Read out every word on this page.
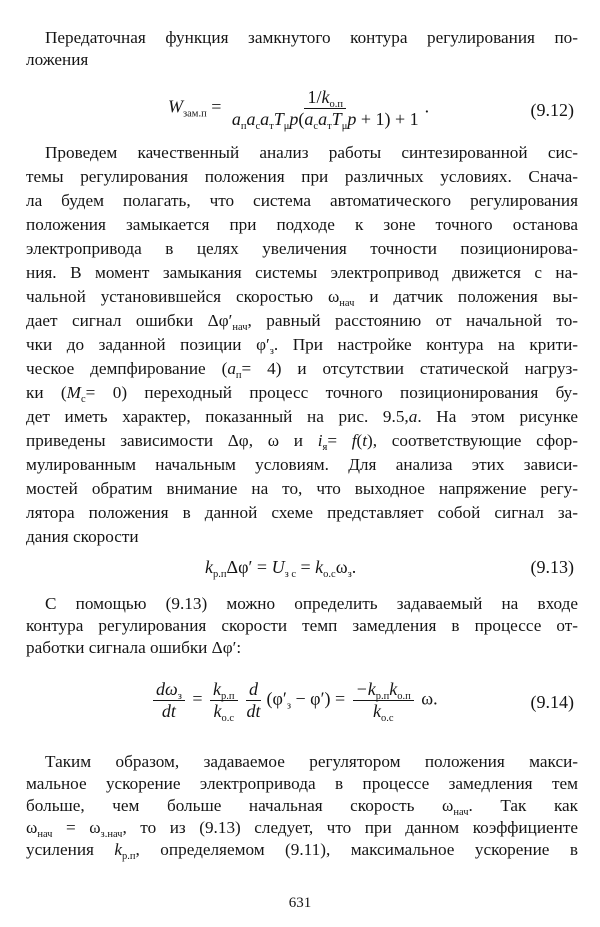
Передаточная функция замкнутого контура регулирования по-
ложения
$W_{зам.п} = \frac{1/k_{о.п}}{a_пa_сa_тT_\mu p(a_сa_тT_\mu p + 1) + 1}$ .	(9.12)
Проведем качественный анализ работы синтезированной сис-
темы регулирования положения при различных условиях. Снача-
ла будем полагать, что система автоматического регулирования
положения замыкается при подходе к зоне точного останова
электропривода в целях увеличения точности позиционирова-
ния. В момент замыкания системы электропривод движется с на-
чальной установившейся скоростью $\omega_{нач}$ и датчик положения вы-
дает сигнал ошибки $\Delta\varphi'_{нач}$, равный расстоянию от начальной то-
чки до заданной позиции $\varphi'_з$. При настройке контура на крити-
ческое демпфирование $(a_п= 4)$ и отсутствии статической нагруз-
ки $(M_с= 0)$ переходный процесс точного позиционирования бу-
дет иметь характер, показанный на рис. 9.5,a. На этом рисунке
приведены зависимости Δφ, ω и $i_я= f(t)$, соответствующие сфор-
мулированным начальным условиям. Для анализа этих зависи-
мостей обратим внимание на то, что выходное напряжение регу-
лятора положения в данной схеме представляет собой сигнал за-
дания скорости
$k_{р.п}\Delta\varphi' = U_{з с} = k_{о.с}\omega_з$.	(9.13)
С помощью (9.13) можно определить задаваемый на входе
контура регулирования скорости темп замедления в процессе от-
работки сигнала ошибки Δφ′:
$\frac{d\omega_з}{dt} = \frac{k_{р.п}}{k_{о.с}} \frac{d}{dt} (\varphi'_з - \varphi') = \frac{-k_{р.п}k_{о.п}}{k_{о.с}} \omega$.	(9.14)
Таким образом, задаваемое регулятором положения макси-
мальное ускорение электропривода в процессе замедления тем
больше, чем больше начальная скорость $\omega_{нач}$. Так как
$\omega_{нач} = \omega_{з.нач}$, то из (9.13) следует, что при данном коэффициенте
усиления $k_{р.п}$, определяемом (9.11), максимальное ускорение в
631
